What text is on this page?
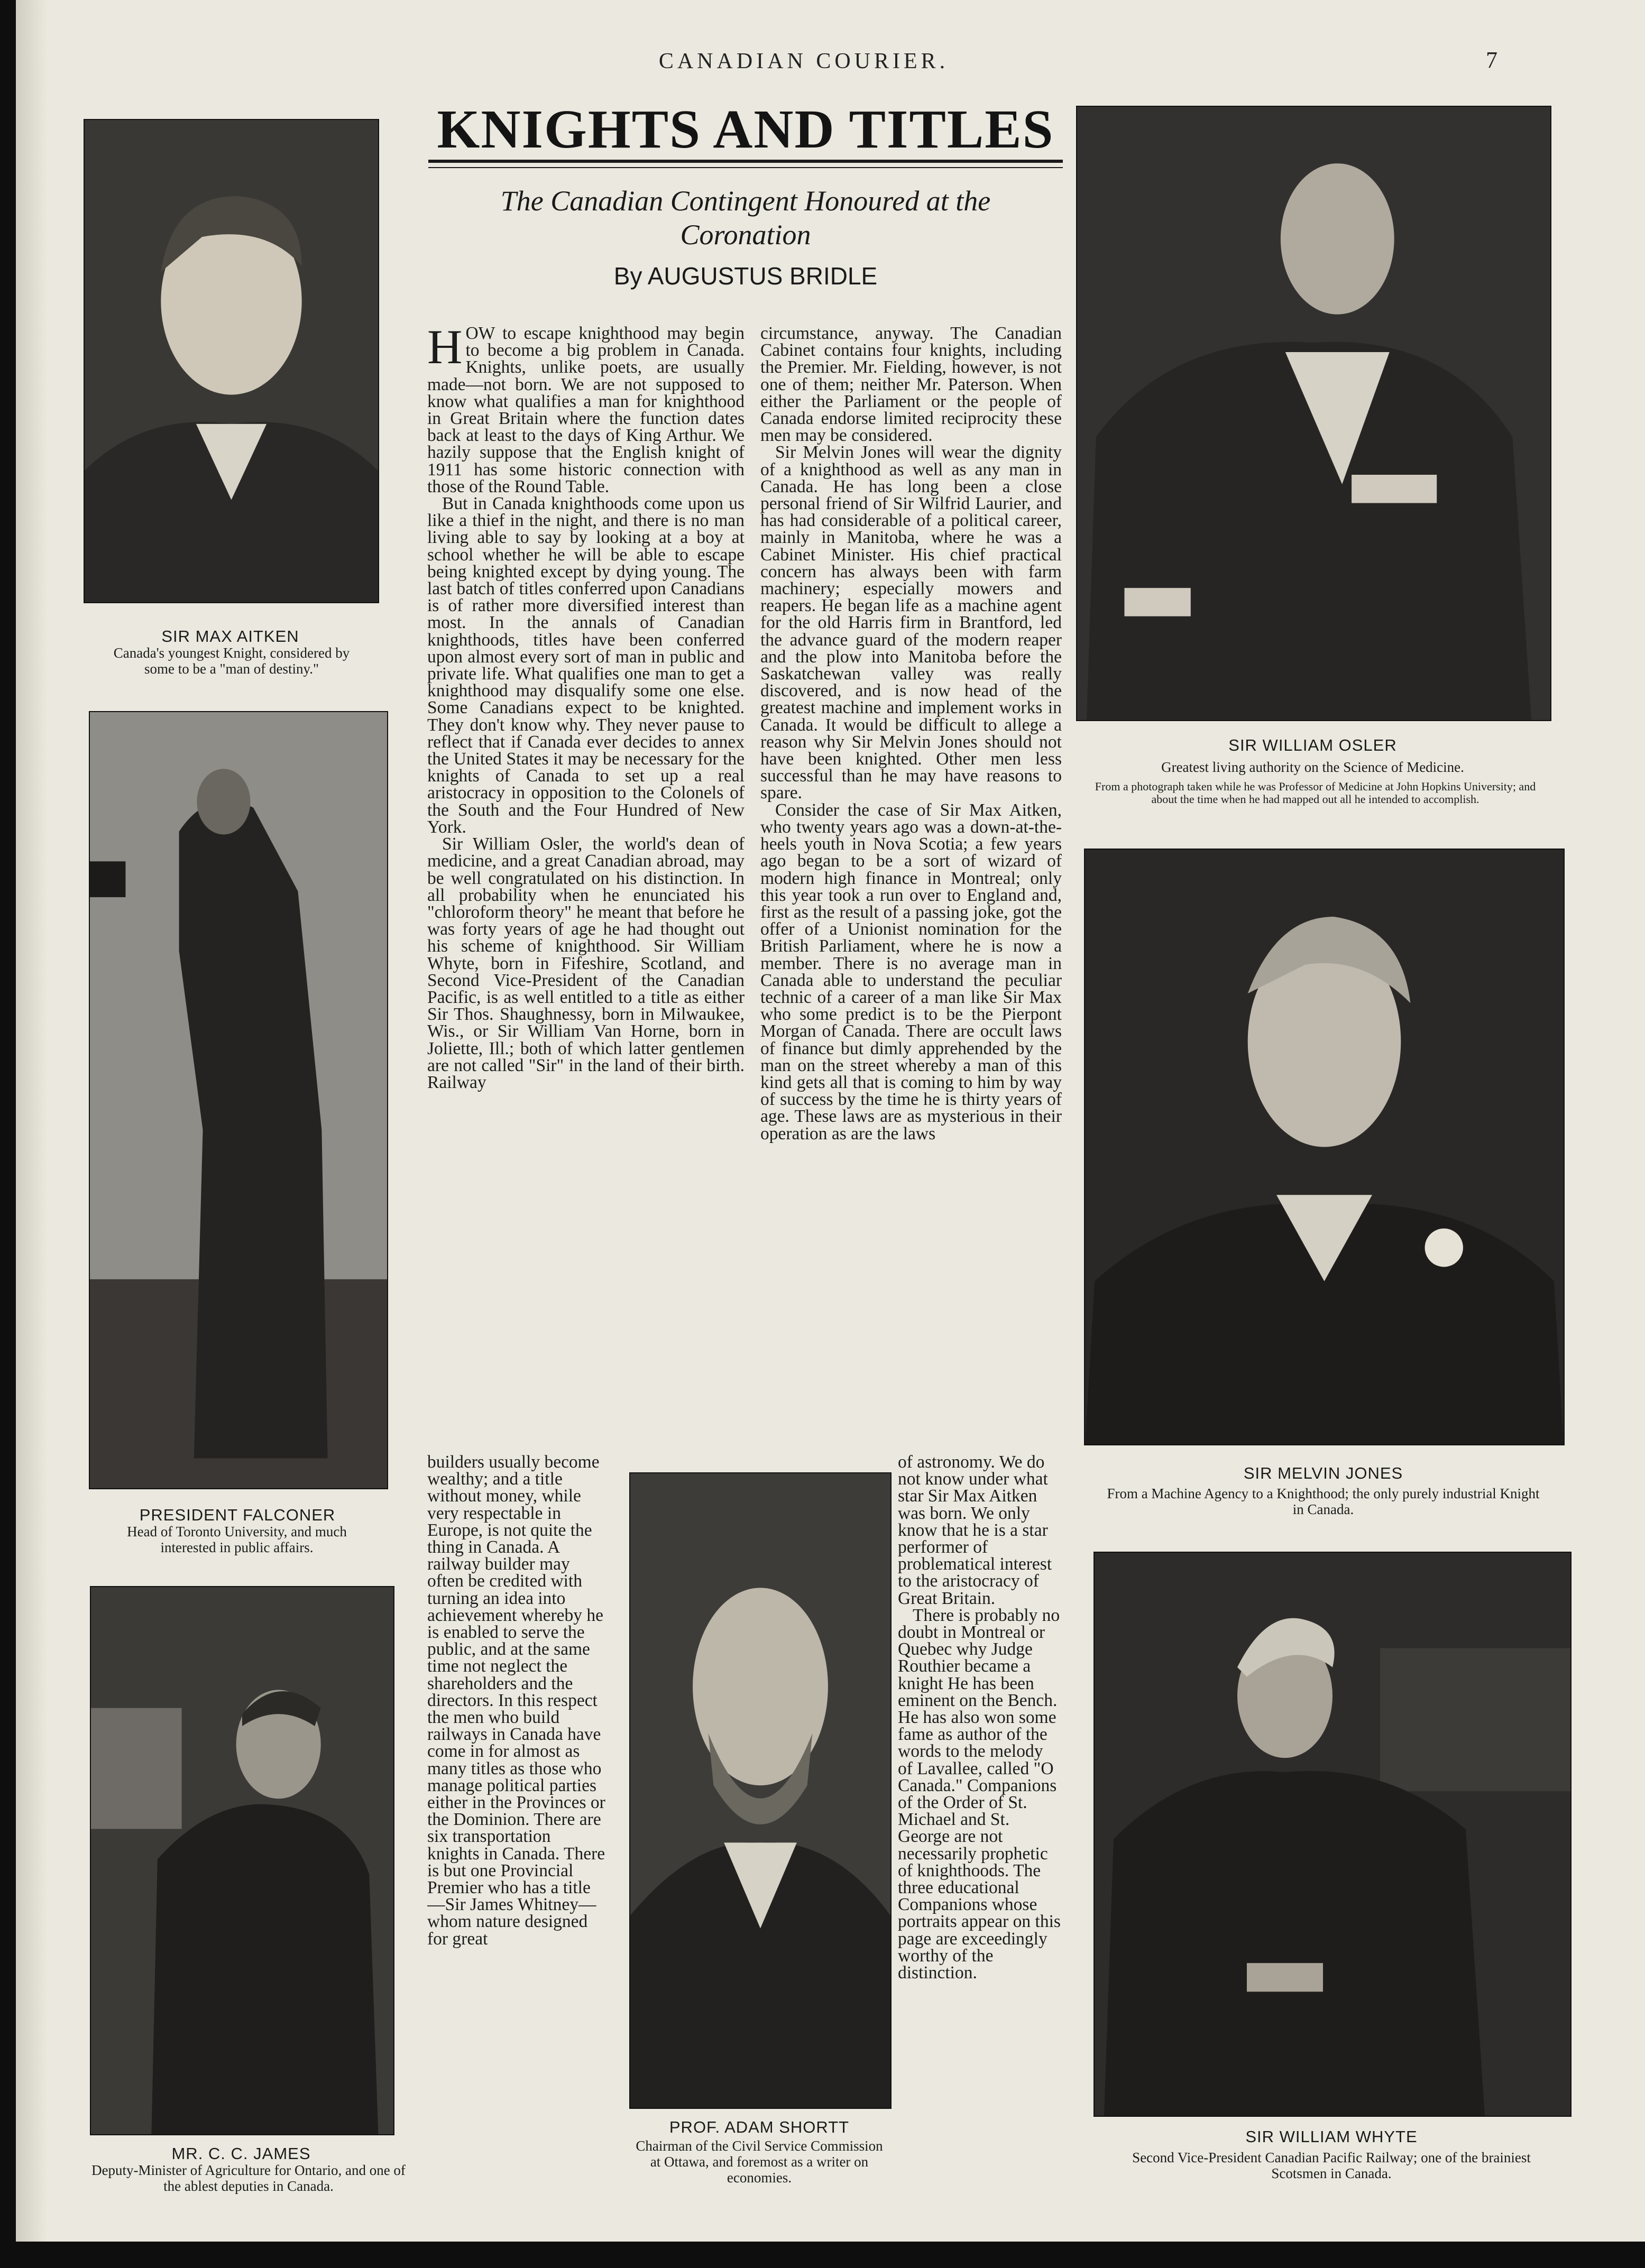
CANADIAN COURIER.	7
KNIGHTS AND TITLES
The Canadian Contingent Honoured at the Coronation
By AUGUSTUS BRIDLE
SIR MAX AITKEN
Canada's youngest Knight, considered by some to be a "man of destiny."
PRESIDENT FALCONER
Head of Toronto University, and much interested in public affairs.
MR. C. C. JAMES
Deputy-Minister of Agriculture for Ontario, and one of the ablest deputies in Canada.
PROF. ADAM SHORTT
Chairman of the Civil Service Commission at Ottawa, and foremost as a writer on economies.
SIR WILLIAM OSLER
Greatest living authority on the Science of Medicine.
From a photograph taken while he was Professor of Medicine at John Hopkins University; and about the time when he had mapped out all he intended to accomplish.
SIR MELVIN JONES
From a Machine Agency to a Knighthood; the only purely industrial Knight in Canada.
SIR WILLIAM WHYTE
Second Vice-President Canadian Pacific Railway; one of the brainiest Scotsmen in Canada.
H OW to escape knighthood may begin to become a big problem in Canada. Knights, unlike poets, are usually made—not born. We are not supposed to know what qualifies a man for knighthood in Great Britain where the function dates back at least to the days of King Arthur. We hazily suppose that the English knight of 1911 has some historic connection with those of the Round Table.

But in Canada knighthoods come upon us like a thief in the night, and there is no man living able to say by looking at a boy at school whether he will be able to escape being knighted except by dying young. The last batch of titles conferred upon Canadians is of rather more diversified interest than most. In the annals of Canadian knighthoods, titles have been conferred upon almost every sort of man in public and private life. What qualifies one man to get a knighthood may disqualify some one else. Some Canadians expect to be knighted. They don't know why. They never pause to reflect that if Canada ever decides to annex the United States it may be necessary for the knights of Canada to set up a real aristocracy in opposition to the Colonels of the South and the Four Hundred of New York.

Sir William Osler, the world's dean of medicine, and a great Canadian abroad, may be well congratulated on his distinction. In all probability when he enunciated his "chloroform theory" he meant that before he was forty years of age he had thought out his scheme of knighthood. Sir William Whyte, born in Fifeshire, Scotland, and Second Vice-President of the Canadian Pacific, is as well entitled to a title as either Sir Thos. Shaughnessy, born in Milwaukee, Wis., or Sir William Van Horne, born in Joliette, Ill.; both of which latter gentlemen are not called "Sir" in the land of their birth. Railway

builders usually become wealthy; and a title without money, while very respectable in Europe, is not quite the thing in Canada. A railway builder may often be credited with turning an idea into achievement whereby he is enabled to serve the public, and at the same time not neglect the shareholders and the directors. In this respect the men who build railways in Canada have come in for almost as many titles as those who manage political parties either in the Provinces or the Dominion. There are six transportation knights in Canada. There is but one Provincial Premier who has a title—Sir James Whitney—whom nature designed for great

circumstance, anyway. The Canadian Cabinet contains four knights, including the Premier. Mr. Fielding, however, is not one of them; neither Mr. Paterson. When either the Parliament or the people of Canada endorse limited reciprocity these men may be considered.

Sir Melvin Jones will wear the dignity of a knighthood as well as any man in Canada. He has long been a close personal friend of Sir Wilfrid Laurier, and has had considerable of a political career, mainly in Manitoba, where he was a Cabinet Minister. His chief practical concern has always been with farm machinery; especially mowers and reapers. He began life as a machine agent for the old Harris firm in Brantford, led the advance guard of the modern reaper and the plow into Manitoba before the Saskatchewan valley was really discovered, and is now head of the greatest machine and implement works in Canada. It would be difficult to allege a reason why Sir Melvin Jones should not have been knighted. Other men less successful than he may have reasons to spare.

Consider the case of Sir Max Aitken, who twenty years ago was a down-at-the-heels youth in Nova Scotia; a few years ago began to be a sort of wizard of modern high finance in Montreal; only this year took a run over to England and, first as the result of a passing joke, got the offer of a Unionist nomination for the British Parliament, where he is now a member. There is no average man in Canada able to understand the peculiar technic of a career of a man like Sir Max who some predict is to be the Pierpont Morgan of Canada. There are occult laws of finance but dimly apprehended by the man on the street whereby a man of this kind gets all that is coming to him by way of success by the time he is thirty years of age. These laws are as mysterious in their operation as are the laws

of astronomy. We do not know under what star Sir Max Aitken was born. We only know that he is a star performer of problematical interest to the aristocracy of Great Britain.

There is probably no doubt in Montreal or Quebec why Judge Routhier became a knight He has been eminent on the Bench. He has also won some fame as author of the words to the melody of Lavallee, called "O Canada." Companions of the Order of St. Michael and St. George are not necessarily prophetic of knighthoods. The three educational Companions whose portraits appear on this page are exceedingly worthy of the distinction.
